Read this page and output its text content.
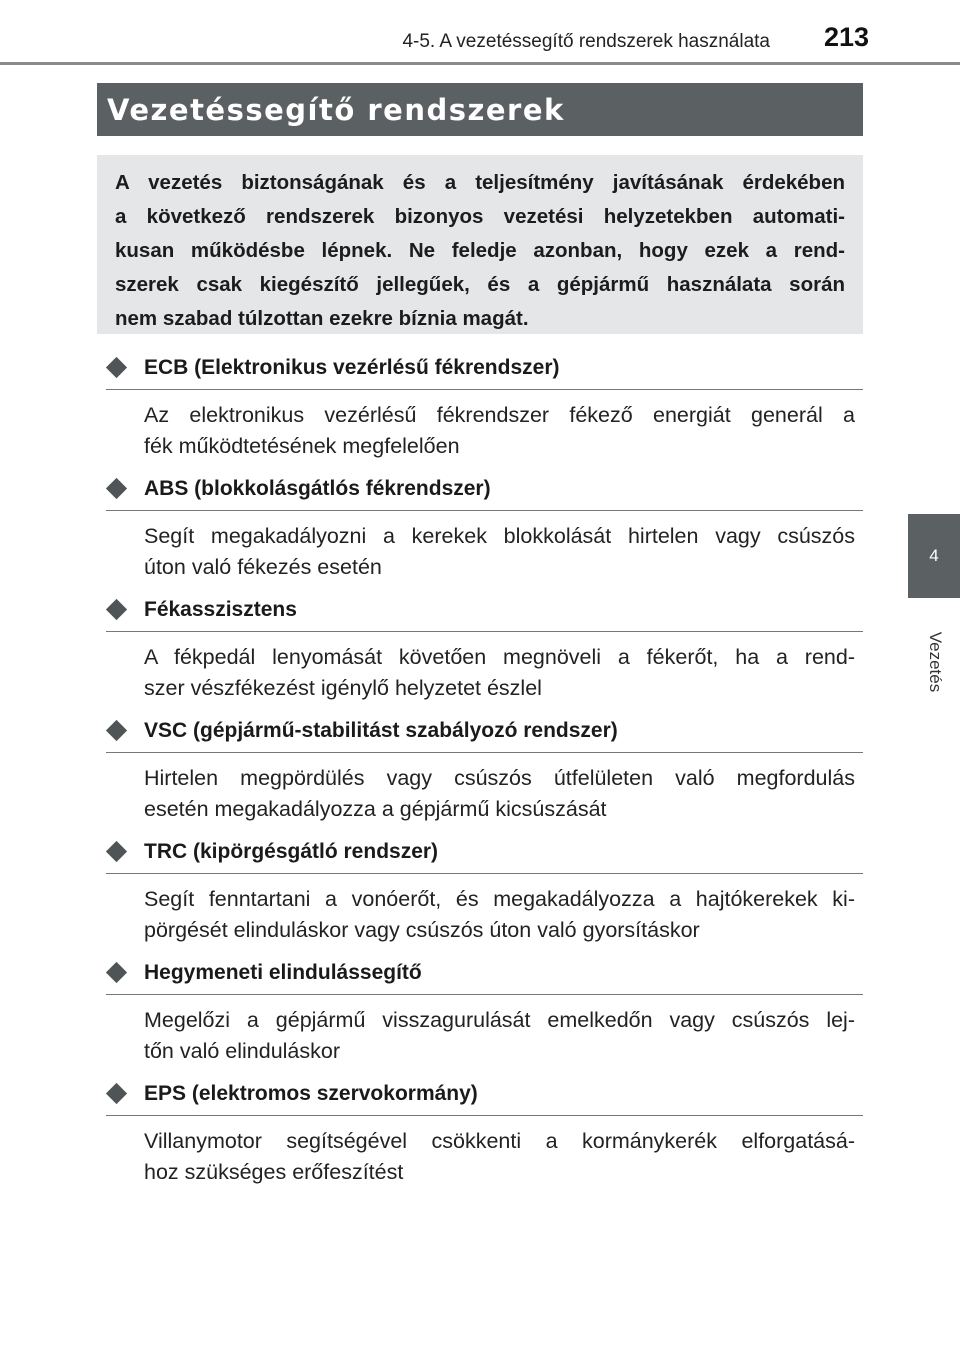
4-5. A vezetéssegítő rendszerek használata 213
4
Vezetés
Vezetéssegítő rendszerek
A vezetés biztonságának és a teljesítmény javításának érdekében
a következő rendszerek bizonyos vezetési helyzetekben automati-
kusan működésbe lépnek. Ne feledje azonban, hogy ezek a rend-
szerek csak kiegészítő jellegűek, és a gépjármű használata során
nem szabad túlzottan ezekre bíznia magát.
ECB (Elektronikus vezérlésű fékrendszer)
Az elektronikus vezérlésű fékrendszer fékező energiát generál a
fék működtetésének megfelelően
ABS (blokkolásgátlós fékrendszer)
Segít megakadályozni a kerekek blokkolását hirtelen vagy csúszós
úton való fékezés esetén
Fékasszisztens
A fékpedál lenyomását követően megnöveli a fékerőt, ha a rend-
szer vészfékezést igénylő helyzetet észlel
VSC (gépjármű-stabilitást szabályozó rendszer)
Hirtelen megpördülés vagy csúszós útfelületen való megfordulás
esetén megakadályozza a gépjármű kicsúszását
TRC (kipörgésgátló rendszer)
Segít fenntartani a vonóerőt, és megakadályozza a hajtókerekek ki-
pörgését elinduláskor vagy csúszós úton való gyorsításkor
Hegymeneti elindulássegítő
Megelőzi a gépjármű visszagurulását emelkedőn vagy csúszós lej-
tőn való elinduláskor
EPS (elektromos szervokormány)
Villanymotor segítségével csökkenti a kormánykerék elforgatásá-
hoz szükséges erőfeszítést
